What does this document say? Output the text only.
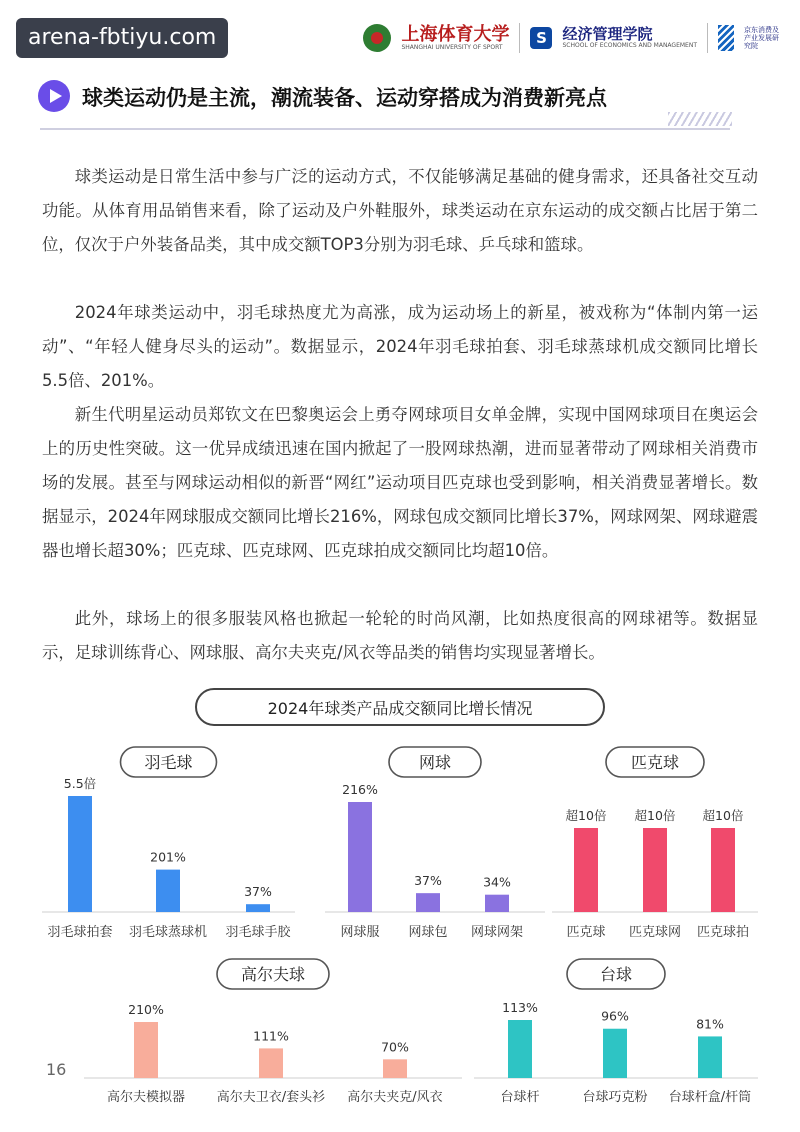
arena-fbtiyu.com	上海体育大学
SHANGHAI UNIVERSITY OF SPORT	S	经济管理学院
SCHOOL OF ECONOMICS AND MANAGEMENT
京东消费及产业发展研究院
球类运动仍是主流，潮流装备、运动穿搭成为消费新亮点
球类运动是日常生活中参与广泛的运动方式，不仅能够满足基础的健身需求，还具备社交互动功能。从体育用品销售来看，除了运动及户外鞋服外，球类运动在京东运动的成交额占比居于第二位，仅次于户外装备品类，其中成交额TOP3分别为羽毛球、乒乓球和篮球。
2024年球类运动中，羽毛球热度尤为高涨，成为运动场上的新星，被戏称为“体制内第一运动”、“年轻人健身尽头的运动”。数据显示，2024年羽毛球拍套、羽毛球蒸球机成交额同比增长5.5倍、201%。
新生代明星运动员郑钦文在巴黎奥运会上勇夺网球项目女单金牌，实现中国网球项目在奥运会上的历史性突破。这一优异成绩迅速在国内掀起了一股网球热潮，进而显著带动了网球相关消费市场的发展。甚至与网球运动相似的新晋“网红”运动项目匹克球也受到影响，相关消费显著增长。数据显示，2024年网球服成交额同比增长216%，网球包成交额同比增长37%，网球网架、网球避震器也增长超30%；匹克球、匹克球网、匹克球拍成交额同比均超10倍。
此外，球场上的很多服装风格也掀起一轮轮的时尚风潮，比如热度很高的网球裙等。数据显示，足球训练背心、网球服、高尔夫夹克/风衣等品类的销售均实现显著增长。
2024年球类产品成交额同比增长情况
羽毛球
5.5倍
羽毛球拍套
201%
羽毛球蒸球机
37%
羽毛球手胶
网球
216%
网球服
37%
网球包
34%
网球网架
匹克球
超10倍
匹克球
超10倍
匹克球网
超10倍
匹克球拍
高尔夫球
210%
高尔夫模拟器
111%
高尔夫卫衣/套头衫
70%
高尔夫夹克/风衣
台球
113%
台球杆
96%
台球巧克粉
81%
台球杆盒/杆筒
16
